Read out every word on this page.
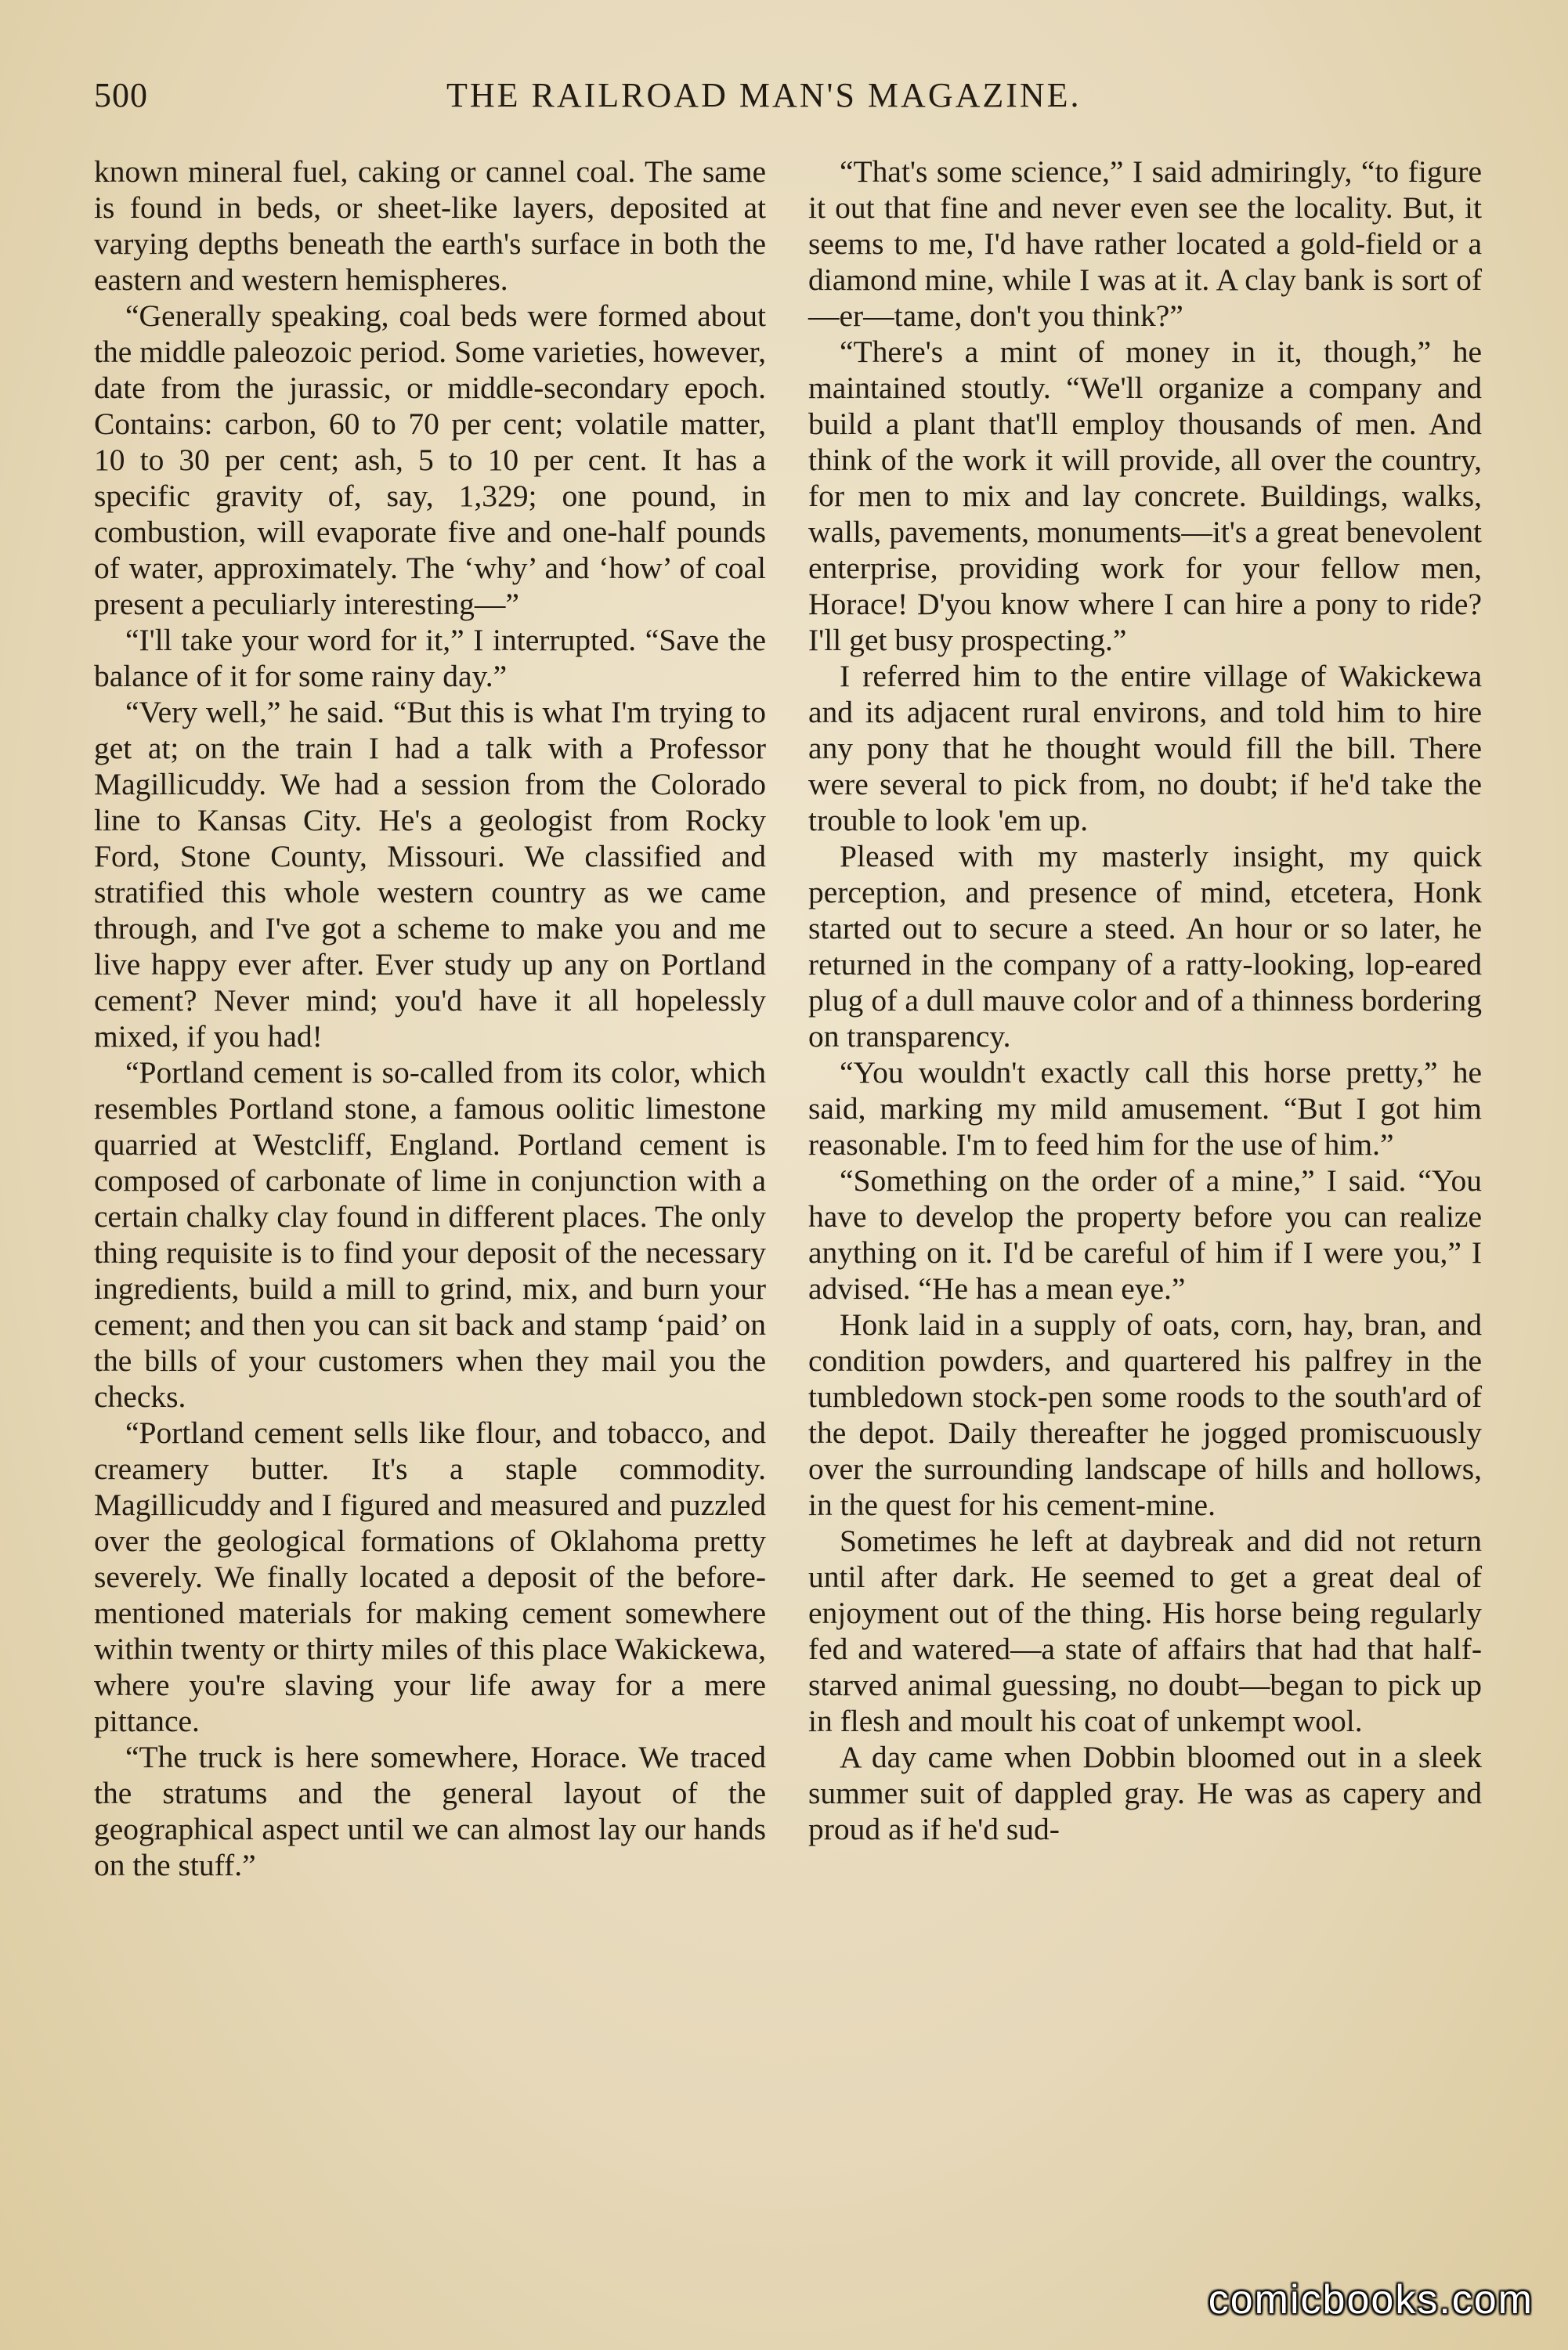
500	THE RAILROAD MAN'S MAGAZINE.

known mineral fuel, caking or cannel coal. The same is found in beds, or sheet-like layers, deposited at varying depths beneath the earth's surface in both the eastern and western hemispheres.

“Generally speaking, coal beds were formed about the middle paleozoic period. Some varieties, however, date from the jurassic, or middle-secondary epoch. Contains: carbon, 60 to 70 per cent; volatile matter, 10 to 30 per cent; ash, 5 to 10 per cent. It has a specific gravity of, say, 1,329; one pound, in combustion, will evaporate five and one-half pounds of water, approximately. The ‘why’ and ‘how’ of coal present a peculiarly interesting—”

“I'll take your word for it,” I interrupted. “Save the balance of it for some rainy day.”

“Very well,” he said. “But this is what I'm trying to get at; on the train I had a talk with a Professor Magillicuddy. We had a session from the Colorado line to Kansas City. He's a geologist from Rocky Ford, Stone County, Missouri. We classified and stratified this whole western country as we came through, and I've got a scheme to make you and me live happy ever after. Ever study up any on Portland cement? Never mind; you'd have it all hopelessly mixed, if you had!

“Portland cement is so-called from its color, which resembles Portland stone, a famous oolitic limestone quarried at Westcliff, England. Portland cement is composed of carbonate of lime in conjunction with a certain chalky clay found in different places. The only thing requisite is to find your deposit of the necessary ingredients, build a mill to grind, mix, and burn your cement; and then you can sit back and stamp ‘paid’ on the bills of your customers when they mail you the checks.

“Portland cement sells like flour, and tobacco, and creamery butter. It's a staple commodity. Magillicuddy and I figured and measured and puzzled over the geological formations of Oklahoma pretty severely. We finally located a deposit of the before-mentioned materials for making cement somewhere within twenty or thirty miles of this place Wakickewa, where you're slaving your life away for a mere pittance.

“The truck is here somewhere, Horace. We traced the stratums and the general layout of the geographical aspect until we can almost lay our hands on the stuff.”

“That's some science,” I said admiringly, “to figure it out that fine and never even see the locality. But, it seems to me, I'd have rather located a gold-field or a diamond mine, while I was at it. A clay bank is sort of—er—tame, don't you think?”

“There's a mint of money in it, though,” he maintained stoutly. “We'll organize a company and build a plant that'll employ thousands of men. And think of the work it will provide, all over the country, for men to mix and lay concrete. Buildings, walks, walls, pavements, monuments—it's a great benevolent enterprise, providing work for your fellow men, Horace! D'you know where I can hire a pony to ride? I'll get busy prospecting.”

I referred him to the entire village of Wakickewa and its adjacent rural environs, and told him to hire any pony that he thought would fill the bill. There were several to pick from, no doubt; if he'd take the trouble to look 'em up.

Pleased with my masterly insight, my quick perception, and presence of mind, etcetera, Honk started out to secure a steed. An hour or so later, he returned in the company of a ratty-looking, lop-eared plug of a dull mauve color and of a thinness bordering on transparency.

“You wouldn't exactly call this horse pretty,” he said, marking my mild amusement. “But I got him reasonable. I'm to feed him for the use of him.”

“Something on the order of a mine,” I said. “You have to develop the property before you can realize anything on it. I'd be careful of him if I were you,” I advised. “He has a mean eye.”

Honk laid in a supply of oats, corn, hay, bran, and condition powders, and quartered his palfrey in the tumbledown stock-pen some roods to the south'ard of the depot. Daily thereafter he jogged promiscuously over the surrounding landscape of hills and hollows, in the quest for his cement-mine.

Sometimes he left at daybreak and did not return until after dark. He seemed to get a great deal of enjoyment out of the thing. His horse being regularly fed and watered—a state of affairs that had that half-starved animal guessing, no doubt—began to pick up in flesh and moult his coat of unkempt wool.

A day came when Dobbin bloomed out in a sleek summer suit of dappled gray. He was as capery and proud as if he'd sud-

comicbooks.com
